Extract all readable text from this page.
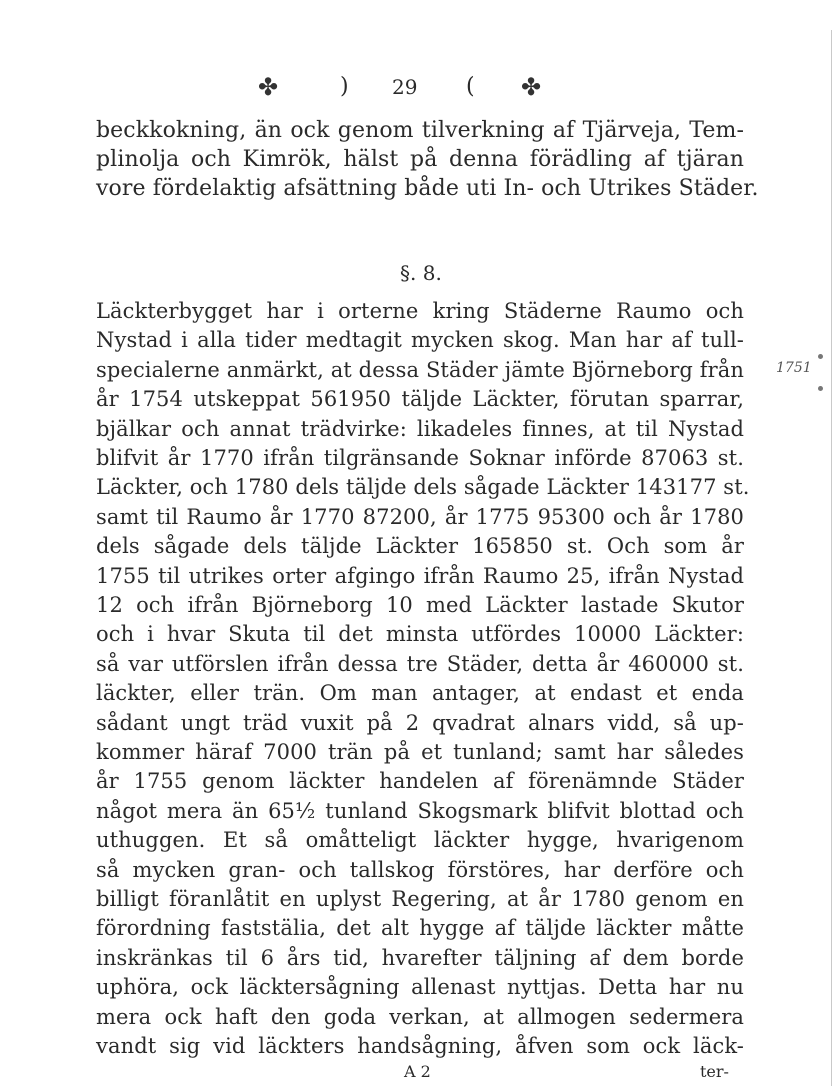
✤	) 29 ( ✤
beckkokning, än ock genom tilverkning af Tjärveja, Tem-
plinolja och Kimrök, hälst på denna förädling af tjäran
vore fördelaktig afsättning både uti In- och Utrikes Städer.
§. 8.
Läckterbygget har i orterne kring Städerne Raumo och
Nystad i alla tider medtagit mycken skog. Man har af tull-
specialerne anmärkt, at dessa Städer jämte Björneborg från
år 1754 utskeppat 561950 täljde Läckter, förutan sparrar,
bjälkar och annat trädvirke: likadeles finnes, at til Nystad
blifvit år 1770 ifrån tilgränsande Soknar införde 87063 st.
Läckter, och 1780 dels täljde dels sågade Läckter 143177 st.
samt til Raumo år 1770 87200, år 1775 95300 och år 1780
dels sågade dels täljde Läckter 165850 st. Och som år
1755 til utrikes orter afgingo ifrån Raumo 25, ifrån Nystad
12 och ifrån Björneborg 10 med Läckter lastade Skutor
och i hvar Skuta til det minsta utfördes 10000 Läckter:
så var utförslen ifrån dessa tre Städer, detta år 460000 st.
läckter, eller trän. Om man antager, at endast et enda
sådant ungt träd vuxit på 2 qvadrat alnars vidd, så up-
kommer häraf 7000 trän på et tunland; samt har således
år 1755 genom läckter handelen af förenämnde Städer
något mera än 65½ tunland Skogsmark blifvit blottad och
uthuggen. Et så omåtteligt läckter hygge, hvarigenom
så mycken gran- och tallskog förstöres, har derföre och
billigt föranlåtit en uplyst Regering, at år 1780 genom en
förordning faststälia, det alt hygge af täljde läckter måtte
inskränkas til 6 års tid, hvarefter täljning af dem borde
uphöra, ock läcktersågning allenast nyttjas. Detta har nu
mera ock haft den goda verkan, at allmogen sedermera
vandt sig vid läckters handsågning, åfven som ock läck-
1751
A 2	ter-
